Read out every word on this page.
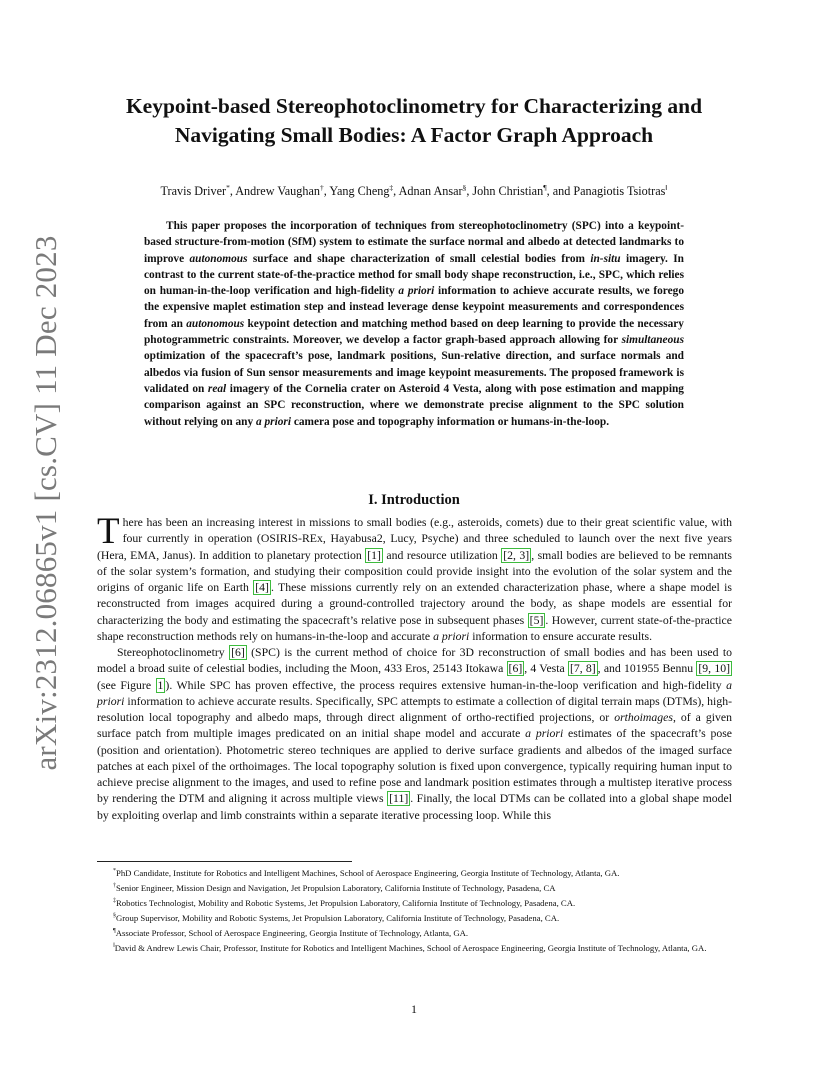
arXiv:2312.06865v1 [cs.CV] 11 Dec 2023
Keypoint-based Stereophotoclinometry for Characterizing and Navigating Small Bodies: A Factor Graph Approach
Travis Driver*, Andrew Vaughan†, Yang Cheng‡, Adnan Ansar§, John Christian¶, and Panagiotis Tsiotras‖

This paper proposes the incorporation of techniques from stereophotoclinometry (SPC) into a keypoint-based structure-from-motion (SfM) system to estimate the surface normal and albedo at detected landmarks to improve autonomous surface and shape characterization of small celestial bodies from in-situ imagery. In contrast to the current state-of-the-practice method for small body shape reconstruction, i.e., SPC, which relies on human-in-the-loop verification and high-fidelity a priori information to achieve accurate results, we forego the expensive maplet estimation step and instead leverage dense keypoint measurements and correspondences from an autonomous keypoint detection and matching method based on deep learning to provide the necessary photogrammetric constraints. Moreover, we develop a factor graph-based approach allowing for simultaneous optimization of the spacecraft’s pose, landmark positions, Sun-relative direction, and surface normals and albedos via fusion of Sun sensor measurements and image keypoint measurements. The proposed framework is validated on real imagery of the Cornelia crater on Asteroid 4 Vesta, along with pose estimation and mapping comparison against an SPC reconstruction, where we demonstrate precise alignment to the SPC solution without relying on any a priori camera pose and topography information or humans-in-the-loop.

I. Introduction

There has been an increasing interest in missions to small bodies (e.g., asteroids, comets) due to their great scientific value, with four currently in operation (OSIRIS-REx, Hayabusa2, Lucy, Psyche) and three scheduled to launch over the next five years (Hera, EMA, Janus). In addition to planetary protection [1] and resource utilization [2, 3] , small bodies are believed to be remnants of the solar system’s formation, and studying their composition could provide insight into the evolution of the solar system and the origins of organic life on Earth [4] . These missions currently rely on an extended characterization phase, where a shape model is reconstructed from images acquired during a ground-controlled trajectory around the body, as shape models are essential for characterizing the body and estimating the spacecraft’s relative pose in subsequent phases [5] . However, current state-of-the-practice shape reconstruction methods rely on humans-in-the-loop and accurate a priori information to ensure accurate results.

Stereophotoclinometry [6] (SPC) is the current method of choice for 3D reconstruction of small bodies and has been used to model a broad suite of celestial bodies, including the Moon, 433 Eros, 25143 Itokawa [6] , 4 Vesta [7, 8] , and 101955 Bennu [9, 10] (see Figure 1 ). While SPC has proven effective, the process requires extensive human-in-the-loop verification and high-fidelity a priori information to achieve accurate results. Specifically, SPC attempts to estimate a collection of digital terrain maps (DTMs), high-resolution local topography and albedo maps, through direct alignment of ortho-rectified projections, or orthoimages, of a given surface patch from multiple images predicated on an initial shape model and accurate a priori estimates of the spacecraft’s pose (position and orientation). Photometric stereo techniques are applied to derive surface gradients and albedos of the imaged surface patches at each pixel of the orthoimages. The local topography solution is fixed upon convergence, typically requiring human input to achieve precise alignment to the images, and used to refine pose and landmark position estimates through a multistep iterative process by rendering the DTM and aligning it across multiple views [11] . Finally, the local DTMs can be collated into a global shape model by exploiting overlap and limb constraints within a separate iterative processing loop. While this

*PhD Candidate, Institute for Robotics and Intelligent Machines, School of Aerospace Engineering, Georgia Institute of Technology, Atlanta, GA.
†Senior Engineer, Mission Design and Navigation, Jet Propulsion Laboratory, California Institute of Technology, Pasadena, CA
‡Robotics Technologist, Mobility and Robotic Systems, Jet Propulsion Laboratory, California Institute of Technology, Pasadena, CA.
§Group Supervisor, Mobility and Robotic Systems, Jet Propulsion Laboratory, California Institute of Technology, Pasadena, CA.
¶Associate Professor, School of Aerospace Engineering, Georgia Institute of Technology, Atlanta, GA.
‖David & Andrew Lewis Chair, Professor, Institute for Robotics and Intelligent Machines, School of Aerospace Engineering, Georgia Institute of Technology, Atlanta, GA.
1
